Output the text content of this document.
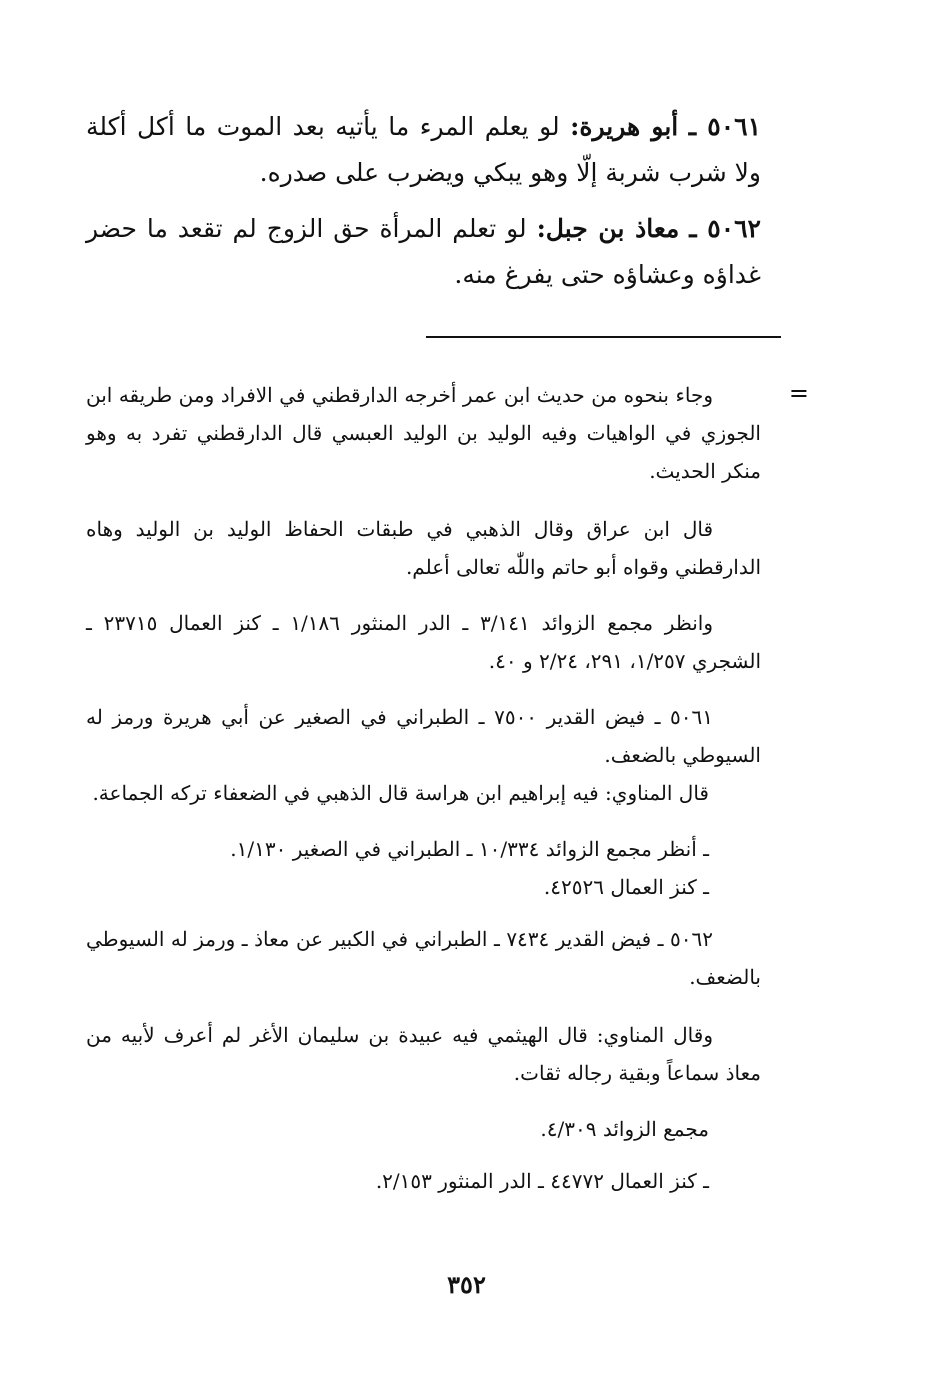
٥٠٦١ ـ أبو هريرة: لو يعلم المرء ما يأتيه بعد الموت ما أكل أكلة ولا شرب شربة إلّا وهو يبكي ويضرب على صدره.

٥٠٦٢ ـ معاذ بن جبل: لو تعلم المرأة حق الزوج لم تقعد ما حضر غداؤه وعشاؤه حتى يفرغ منه.

=

وجاء بنحوه من حديث ابن عمر أخرجه الدارقطني في الافراد ومن طريقه ابن الجوزي في الواهيات وفيه الوليد بن الوليد العبسي قال الدارقطني تفرد به وهو منكر الحديث.

قال ابن عراق وقال الذهبي في طبقات الحفاظ الوليد بن الوليد وهاه الدارقطني وقواه أبو حاتم واللّٰه تعالى أعلم.

وانظر مجمع الزوائد ٣/١٤١ ـ الدر المنثور ١/١٨٦ ـ كنز العمال ٢٣٧١٥ ـ الشجري ١/٢٥٧، ٢٩١، ٢/٢٤ و ٤٠.

٥٠٦١ ـ فيض القدير ٧٥٠٠ ـ الطبراني في الصغير عن أبي هريرة ورمز له السيوطي بالضعف.

قال المناوي: فيه إبراهيم ابن هراسة قال الذهبي في الضعفاء تركه الجماعة.

ـ أنظر مجمع الزوائد ١٠/٣٣٤ ـ الطبراني في الصغير ١/١٣٠.

ـ كنز العمال ٤٢٥٢٦.

٥٠٦٢ ـ فيض القدير ٧٤٣٤ ـ الطبراني في الكبير عن معاذ ـ ورمز له السيوطي بالضعف.

وقال المناوي: قال الهيثمي فيه عبيدة بن سليمان الأغر لم أعرف لأبيه من معاذ سماعاً وبقية رجاله ثقات.

مجمع الزوائد ٤/٣٠٩.

ـ كنز العمال ٤٤٧٧٢ ـ الدر المنثور ٢/١٥٣.

٣٥٢
